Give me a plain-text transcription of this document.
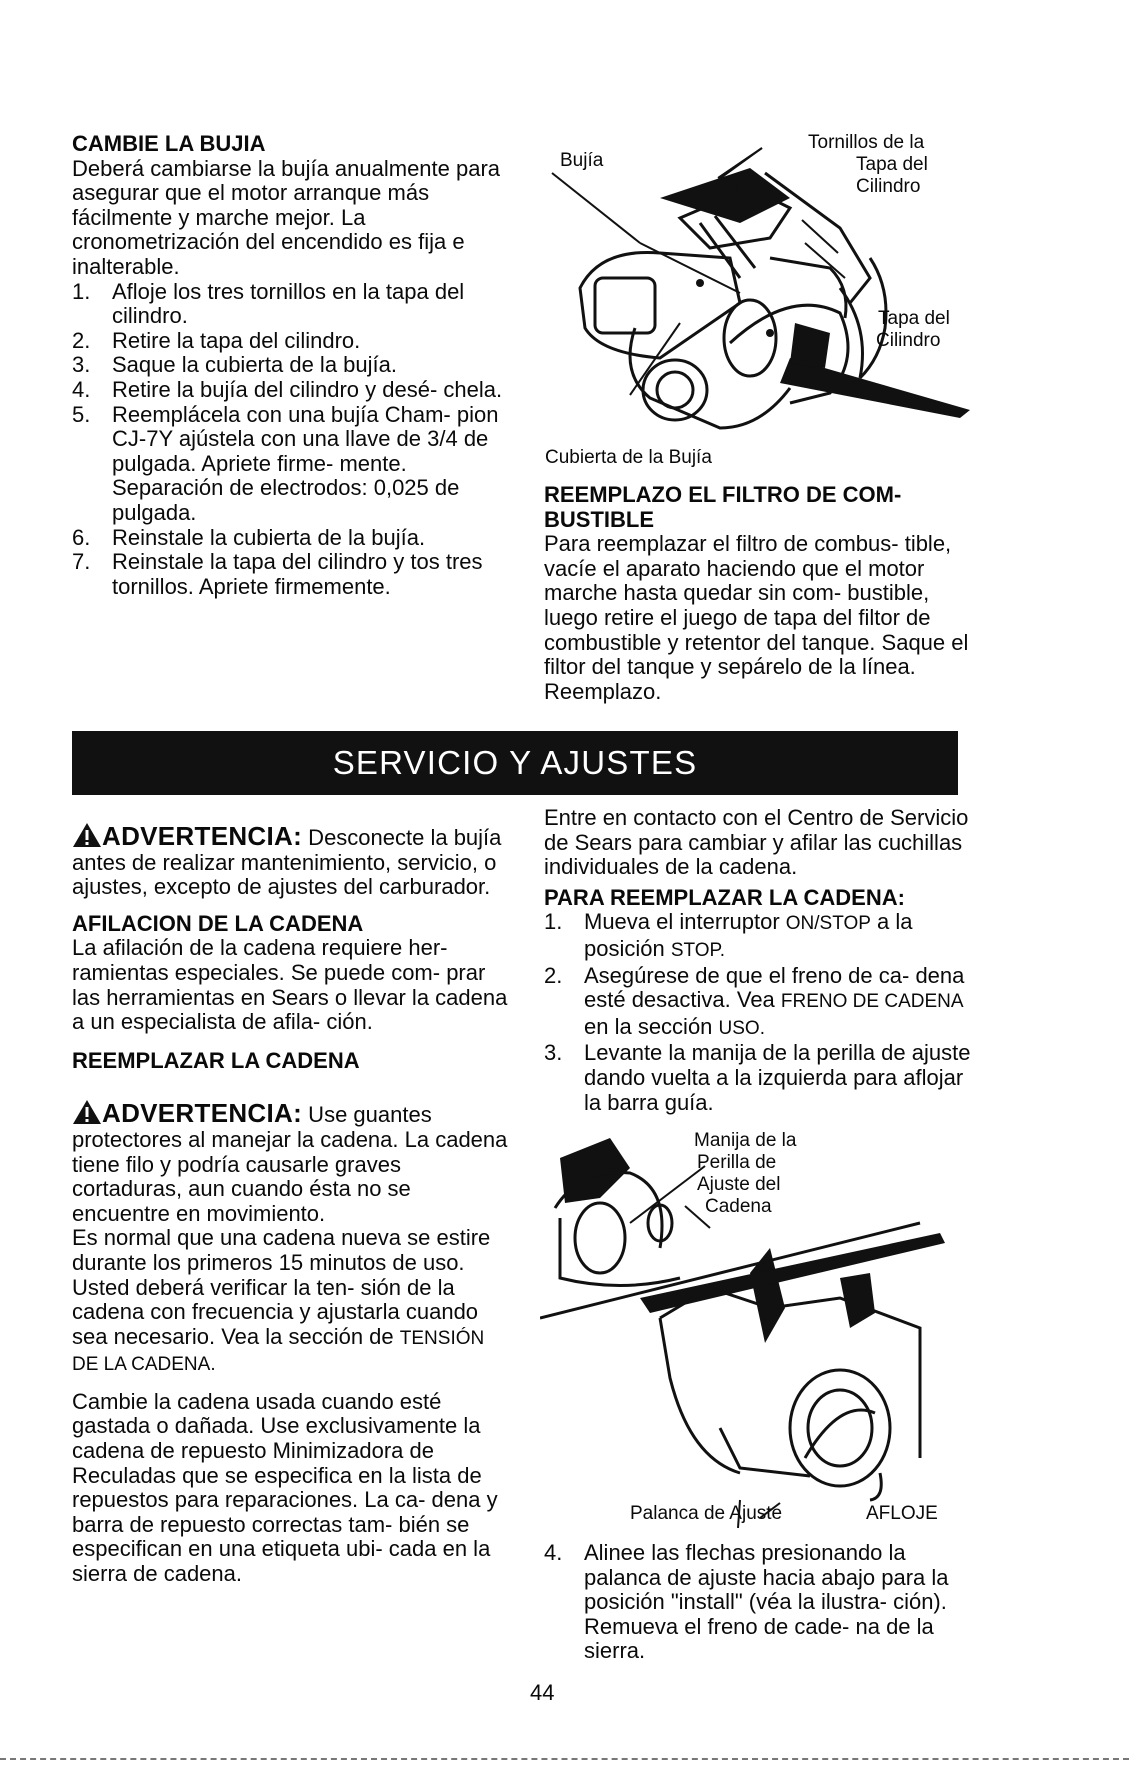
CAMBIE LA BUJIA

Deberá cambiarse la bujía anualmente para asegurar que el motor arranque más fácilmente y marche mejor. La cronometrización del encendido es fija e inalterable.

1. Afloje los tres tornillos en la tapa del cilindro.
2. Retire la tapa del cilindro.
3. Saque la cubierta de la bujía.
4. Retire la bujía del cilindro y desé- chela.
5. Reemplácela con una bujía Cham- pion CJ-7Y ajústela con una llave de 3/4 de pulgada. Apriete firme- mente. Separación de electrodos: 0,025 de pulgada.
6. Reinstale la cubierta de la bujía.
7. Reinstale la tapa del cilindro y tos tres tornillos. Apriete firmemente.
Bujía
Tornillos de la
Tapa del
Cilindro
Tapa del
Cilindro
Cubierta de la Bujía

REEMPLAZO EL FILTRO DE COM- BUSTIBLE

Para reemplazar el filtro de combus- tible, vacíe el aparato haciendo que el motor marche hasta quedar sin com- bustible, luego retire el juego de tapa del filtor de combustible y retentor del tanque. Saque el filtor del tanque y sepárelo de la línea. Reemplazo.

SERVICIO Y AJUSTES

ADVERTENCIA: Desconecte la bujía antes de realizar mantenimiento, servicio, o ajustes, excepto de ajustes del carburador.

AFILACION DE LA CADENA

La afilación de la cadena requiere her- ramientas especiales. Se puede com- prar las herramientas en Sears o llevar la cadena a un especialista de afila- ción.

REEMPLAZAR LA CADENA

ADVERTENCIA: Use guantes protectores al manejar la cadena. La cadena tiene filo y podría causarle graves cortaduras, aun cuando ésta no se encuentre en movimiento.

Es normal que una cadena nueva se estire durante los primeros 15 minutos de uso. Usted deberá verificar la ten- sión de la cadena con frecuencia y ajustarla cuando sea necesario. Vea la sección de TENSIÓN DE LA CADENA.

Cambie la cadena usada cuando esté gastada o dañada. Use exclusivamente la cadena de repuesto Minimizadora de Reculadas que se especifica en la lista de repuestos para reparaciones. La ca- dena y barra de repuesto correctas tam- bién se especifican en una etiqueta ubi- cada en la sierra de cadena.

Entre en contacto con el Centro de Servicio de Sears para cambiar y afilar las cuchillas individuales de la cadena.

PARA REEMPLAZAR LA CADENA:

1. Mueva el interruptor ON/STOP a la posición STOP.
2. Asegúrese de que el freno de ca- dena esté desactiva. Vea FRENO DE CADENA en la sección USO.
3. Levante la manija de la perilla de ajuste dando vuelta a la izquierda para aflojar la barra guía.
Manija de la
Perilla de
Ajuste del
Cadena
Palanca de Ajuste	AFLOJE
4. Alinee las flechas presionando la palanca de ajuste hacia abajo para la posición "install" (véa la ilustra- ción). Remueva el freno de cade- na de la sierra.
44
